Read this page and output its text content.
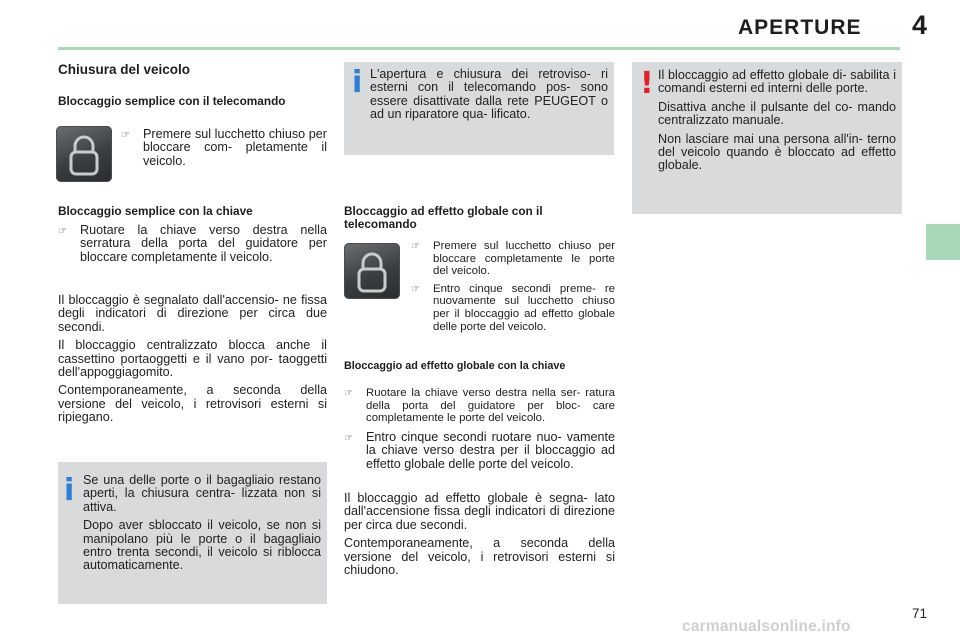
APERTURE 4
Chiusura del veicolo
Bloccaggio semplice con il telecomando
☞	Premere sul lucchetto chiuso per bloccare com- pletamente il veicolo.
Bloccaggio semplice con la chiave
☞	Ruotare la chiave verso destra nella serratura della porta del guidatore per bloccare completamente il veicolo.

Il bloccaggio è segnalato dall'accensio- ne fissa degli indicatori di direzione per circa due secondi.

Il bloccaggio centralizzato blocca anche il cassettino portaoggetti e il vano por- taoggetti dell'appoggiagomito.

Contemporaneamente, a seconda della versione del veicolo, i retrovisori esterni si ripiegano.

i Se una delle porte o il bagagliaio restano aperti, la chiusura centra- lizzata non si attiva.

Dopo aver sbloccato il veicolo, se non si manipolano più le porte o il bagagliaio entro trenta secondi, il veicolo si riblocca automaticamente.

i L'apertura e chiusura dei retroviso- ri esterni con il telecomando pos- sono essere disattivate dalla rete PEUGEOT o ad un riparatore qua- lificato.
Bloccaggio ad effetto globale con il telecomando
☞	Premere sul lucchetto chiuso per bloccare completamente le porte del veicolo.
☞	Entro cinque secondi preme- re nuovamente sul lucchetto chiuso per il bloccaggio ad effetto globale delle porte del veicolo.
Bloccaggio ad effetto globale con la chiave
☞	Ruotare la chiave verso destra nella ser- ratura della porta del guidatore per bloc- care completamente le porte del veicolo.
☞	Entro cinque secondi ruotare nuo- vamente la chiave verso destra per il bloccaggio ad effetto globale delle porte del veicolo.

Il bloccaggio ad effetto globale è segna- lato dall'accensione fissa degli indicatori di direzione per circa due secondi.

Contemporaneamente, a seconda della versione del veicolo, i retrovisori esterni si chiudono.

! Il bloccaggio ad effetto globale di- sabilita i comandi esterni ed interni delle porte.

Disattiva anche il pulsante del co- mando centralizzato manuale.

Non lasciare mai una persona all'in- terno del veicolo quando è bloccato ad effetto globale.

71
carmanualsonline.info
